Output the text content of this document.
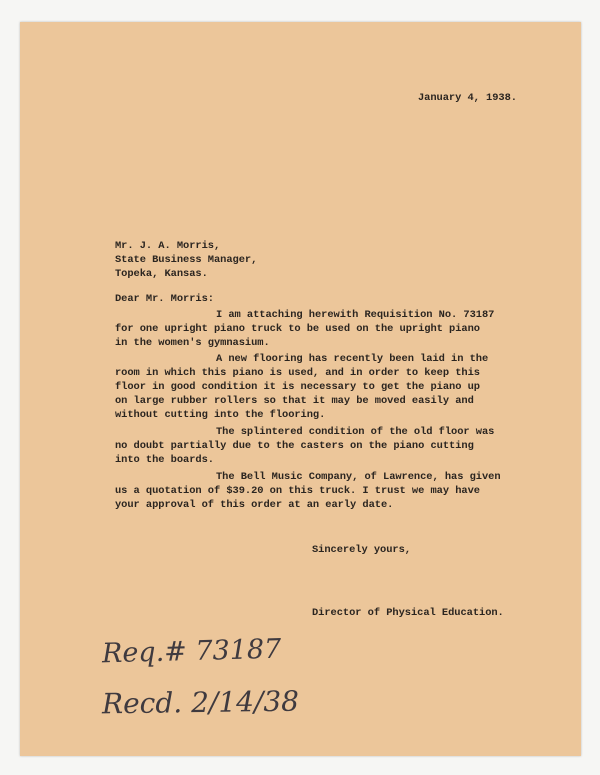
January 4, 1938.

Mr. J. A. Morris,

State Business Manager,

Topeka, Kansas.

Dear Mr. Morris:

I am attaching herewith Requisition No. 73187

for one upright piano truck to be used on the upright piano

in the women's gymnasium.

A new flooring has recently been laid in the

room in which this piano is used, and in order to keep this

floor in good condition it is necessary to get the piano up

on large rubber rollers so that it may be moved easily and

without cutting into the flooring.

The splintered condition of the old floor was

no doubt partially due to the casters on the piano cutting

into the boards.

The Bell Music Company, of Lawrence, has given

us a quotation of $39.20 on this truck. I trust we may have

your approval of this order at an early date.

Sincerely yours,

Director of Physical Education.

Req.# 73187

Recd. 2/14/38
